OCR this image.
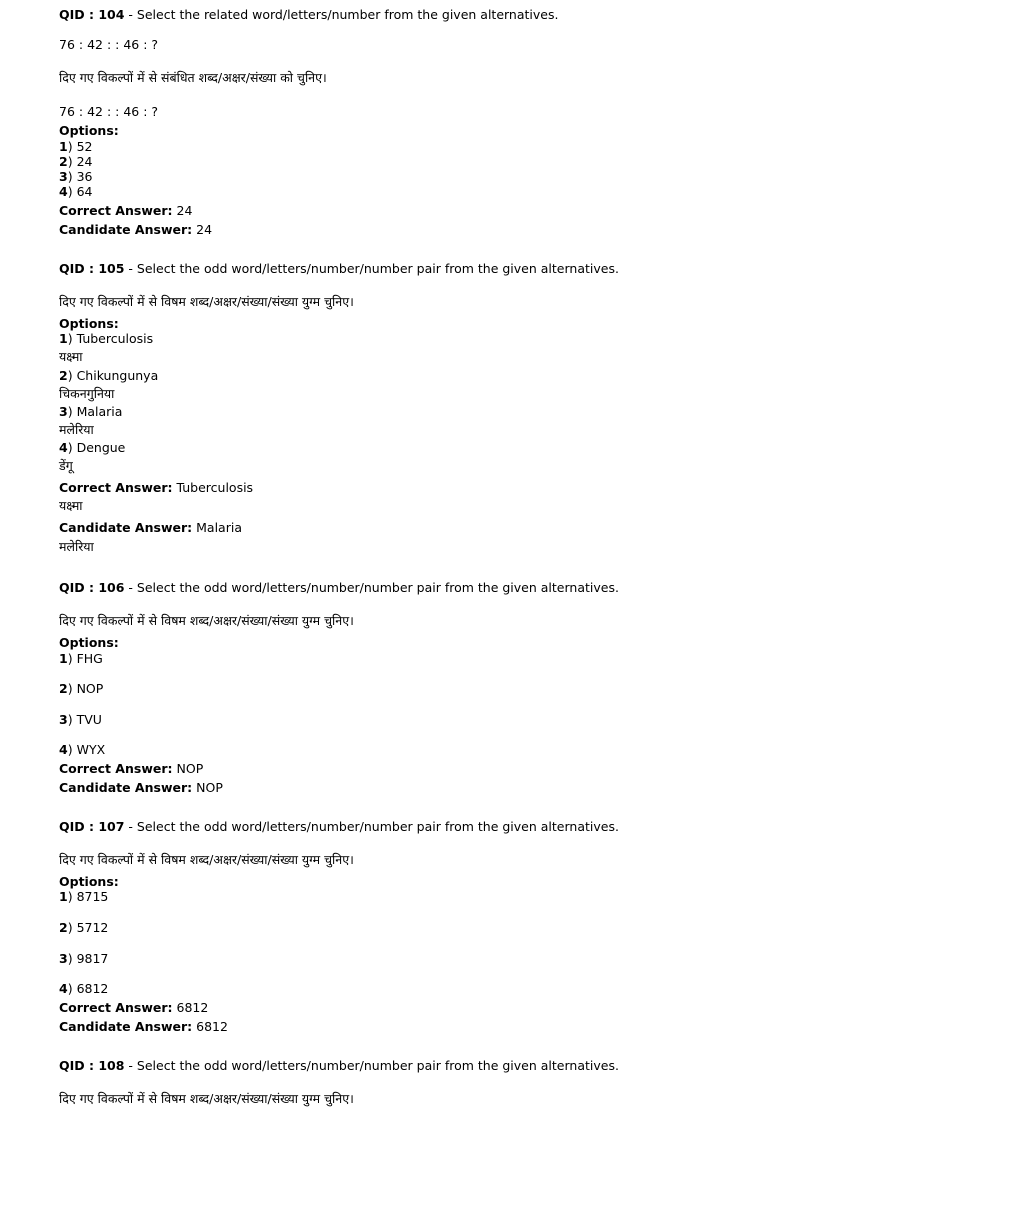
QID : 104 - Select the related word/letters/number from the given alternatives.
76 : 42 : : 46 : ?
दिए गए विकल्पों में से संबंधित शब्द/अक्षर/संख्या को चुनिए।
76 : 42 : : 46 : ?
Options:
1) 52
2) 24
3) 36
4) 64
Correct Answer: 24
Candidate Answer: 24
QID : 105 - Select the odd word/letters/number/number pair from the given alternatives.
दिए गए विकल्पों में से विषम शब्द/अक्षर/संख्या/संख्या युग्म चुनिए।
Options:
1) Tuberculosis
यक्ष्मा
2) Chikungunya
चिकनगुनिया
3) Malaria
मलेरिया
4) Dengue
डेंगू
Correct Answer: Tuberculosis
यक्ष्मा
Candidate Answer: Malaria
मलेरिया
QID : 106 - Select the odd word/letters/number/number pair from the given alternatives.
दिए गए विकल्पों में से विषम शब्द/अक्षर/संख्या/संख्या युग्म चुनिए।
Options:
1) FHG
2) NOP
3) TVU
4) WYX
Correct Answer: NOP
Candidate Answer: NOP
QID : 107 - Select the odd word/letters/number/number pair from the given alternatives.
दिए गए विकल्पों में से विषम शब्द/अक्षर/संख्या/संख्या युग्म चुनिए।
Options:
1) 8715
2) 5712
3) 9817
4) 6812
Correct Answer: 6812
Candidate Answer: 6812
QID : 108 - Select the odd word/letters/number/number pair from the given alternatives.
दिए गए विकल्पों में से विषम शब्द/अक्षर/संख्या/संख्या युग्म चुनिए।
